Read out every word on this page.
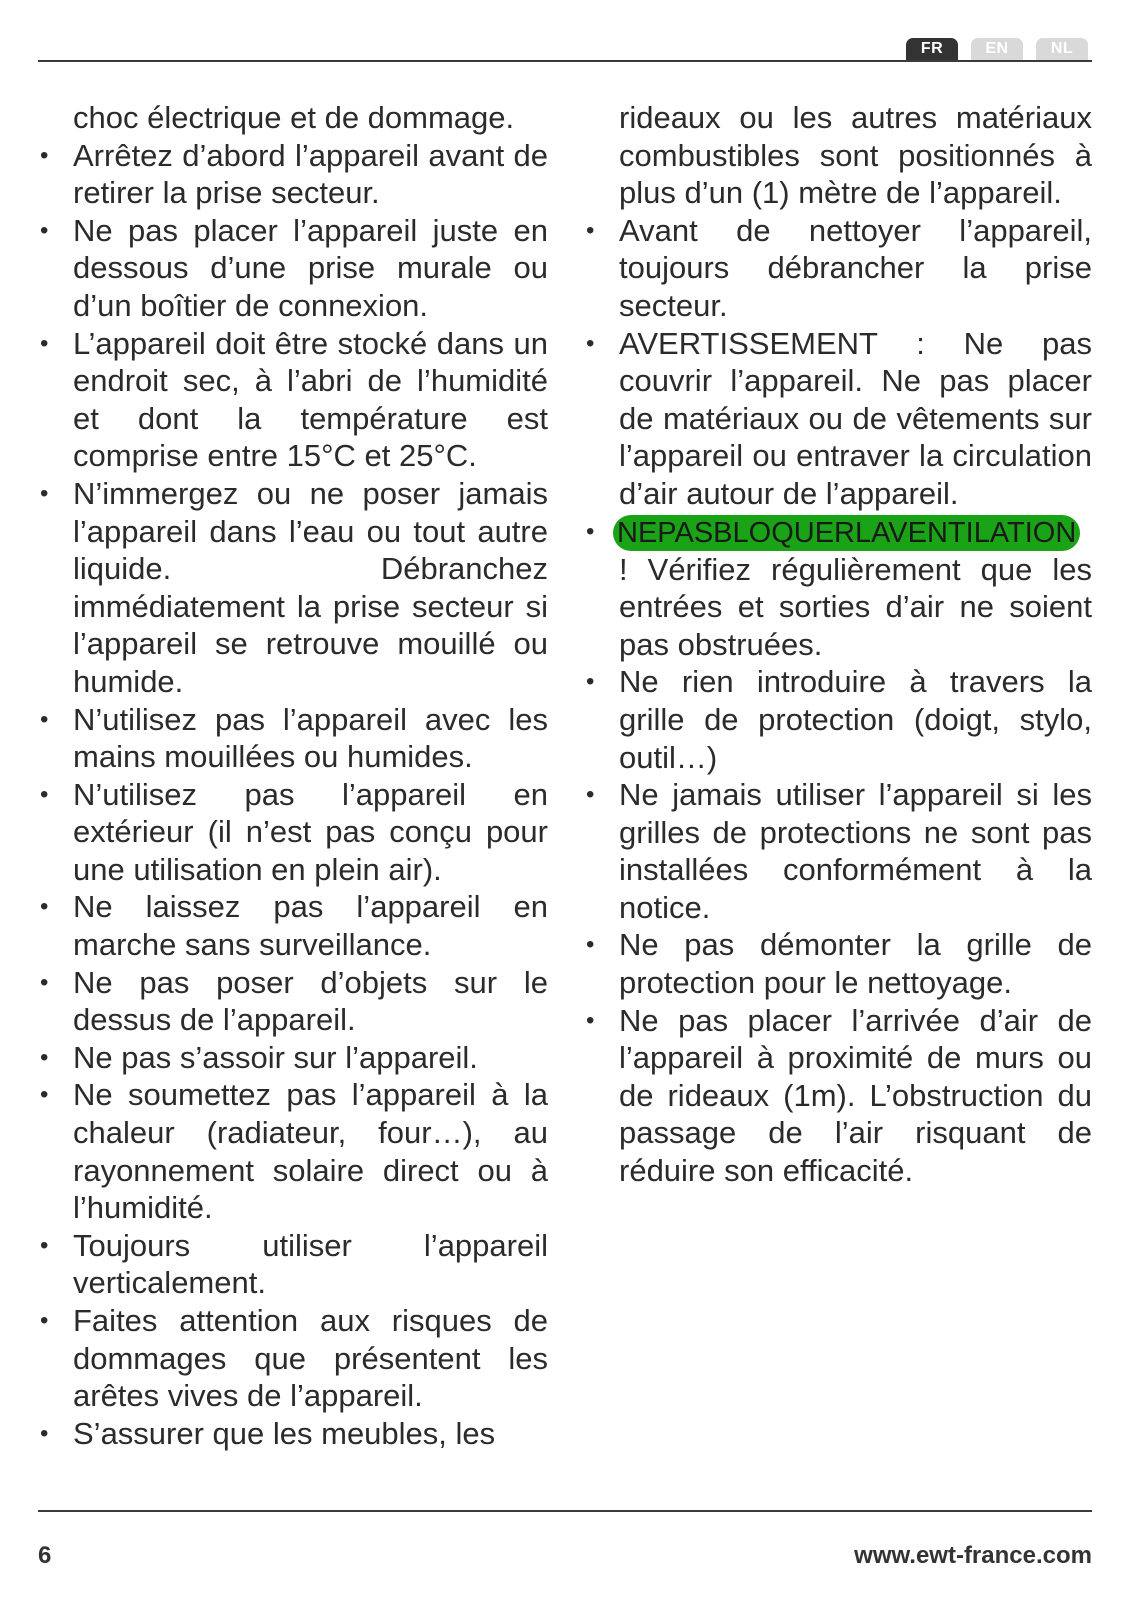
FR	EN	NL

choc électrique et de dommage.

• Arrêtez d’abord l’appareil avant de retirer la prise secteur.
• Ne pas placer l’appareil juste en dessous d’une prise murale ou d’un boîtier de connexion.
• L’appareil doit être stocké dans un endroit sec, à l’abri de l’humidité et dont la température est comprise entre 15°C et 25°C.
• N’immergez ou ne poser jamais l’appareil dans l’eau ou tout autre liquide. Débranchez immédiatement la prise secteur si l’appareil se retrouve mouillé ou humide.
• N’utilisez pas l’appareil avec les mains mouillées ou humides.
• N’utilisez pas l’appareil en extérieur (il n’est pas conçu pour une utilisation en plein air).
• Ne laissez pas l’appareil en marche sans surveillance.
• Ne pas poser d’objets sur le dessus de l’appareil.
• Ne pas s’assoir sur l’appareil.
• Ne soumettez pas l’appareil à la chaleur (radiateur, four…), au rayonnement solaire direct ou à l’humidité.
• Toujours utiliser l’appareil verticalement.
• Faites attention aux risques de dommages que présentent les arêtes vives de l’appareil.
• S’assurer que les meubles, les

rideaux ou les autres matériaux combustibles sont positionnés à plus d’un (1) mètre de l’appareil.

• Avant de nettoyer l’appareil, toujours débrancher la prise secteur.
• AVERTISSEMENT : Ne pas couvrir l’appareil. Ne pas placer de matériaux ou de vêtements sur l’appareil ou entraver la circulation d’air autour de l’appareil.
• NEPASBLOQUERLAVENTILATION ! Vérifiez régulièrement que les entrées et sorties d’air ne soient pas obstruées.
• Ne rien introduire à travers la grille de protection (doigt, stylo, outil…)
• Ne jamais utiliser l’appareil si les grilles de protections ne sont pas installées conformément à la notice.
• Ne pas démonter la grille de protection pour le nettoyage.
• Ne pas placer l’arrivée d’air de l’appareil à proximité de murs ou de rideaux (1m). L’obstruction du passage de l’air risquant de réduire son efficacité.
6	www.ewt-france.com
